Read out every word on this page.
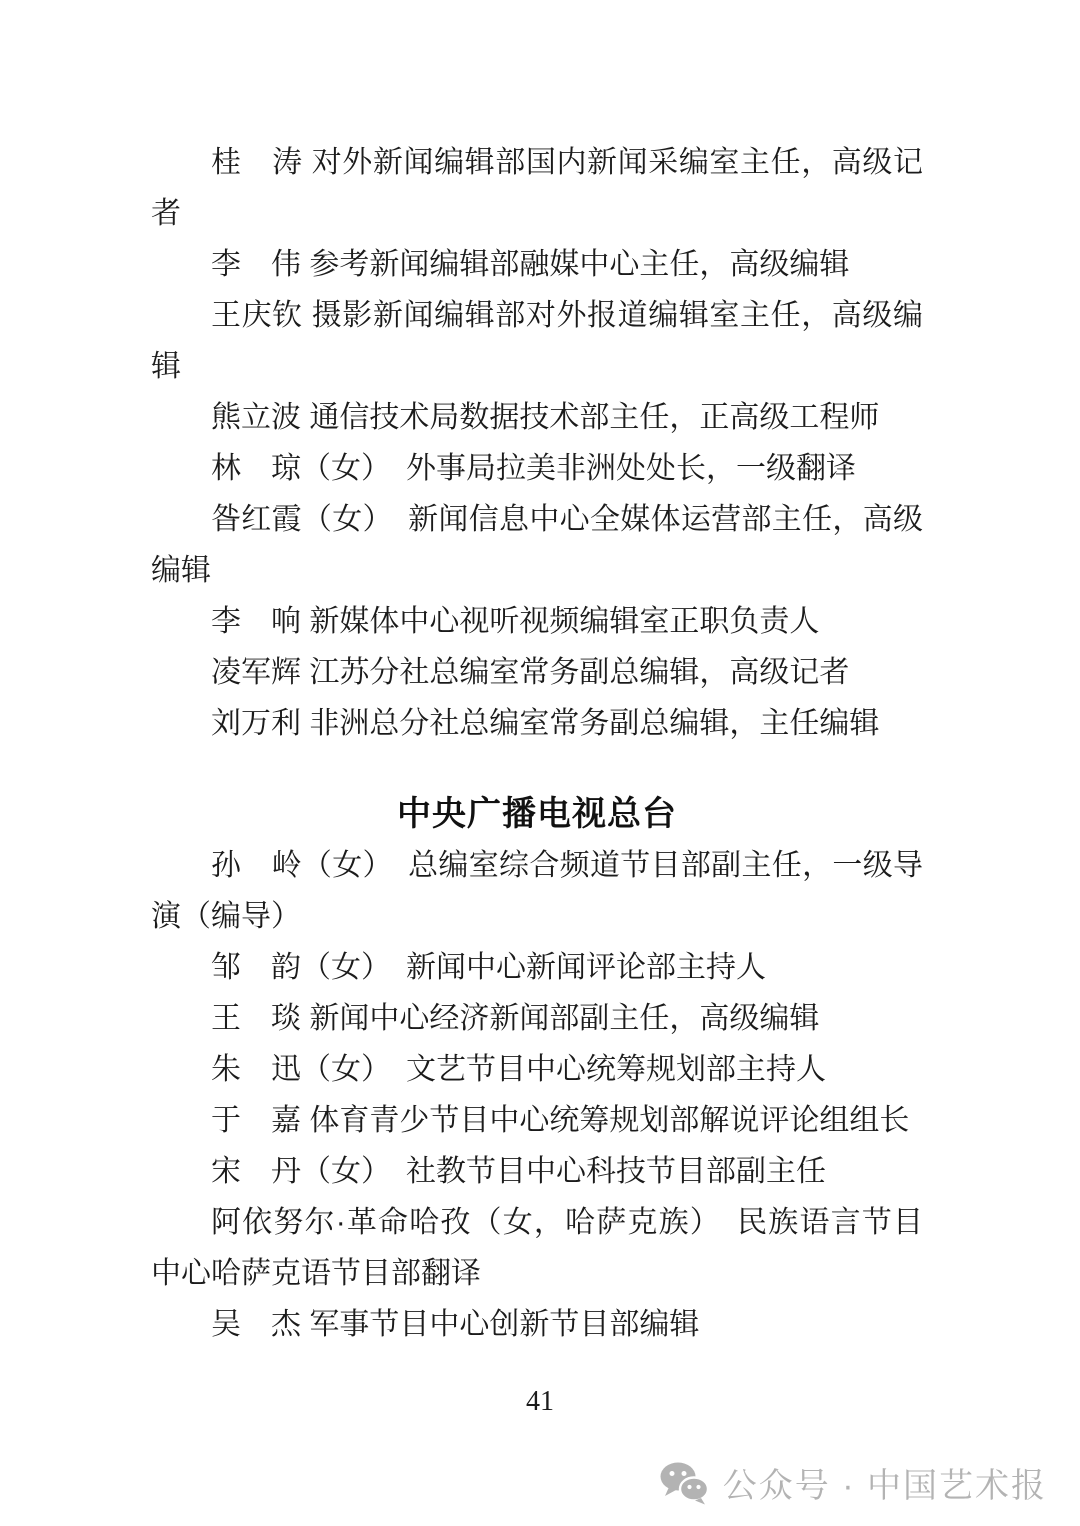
桂　涛 对外新闻编辑部国内新闻采编室主任，高级记者

李　伟 参考新闻编辑部融媒中心主任，高级编辑

王庆钦 摄影新闻编辑部对外报道编辑室主任，高级编辑

熊立波 通信技术局数据技术部主任，正高级工程师

林　琼（女）　外事局拉美非洲处处长，一级翻译

昝红霞（女）　新闻信息中心全媒体运营部主任，高级编辑

李　响 新媒体中心视听视频编辑室正职负责人

凌军辉 江苏分社总编室常务副总编辑，高级记者

刘万利 非洲总分社总编室常务副总编辑，主任编辑

中央广播电视总台

孙　岭（女）　总编室综合频道节目部副主任，一级导演（编导）

邹　韵（女）　新闻中心新闻评论部主持人

王　琰 新闻中心经济新闻部副主任，高级编辑

朱　迅（女）　文艺节目中心统筹规划部主持人

于　嘉 体育青少节目中心统筹规划部解说评论组组长

宋　丹（女）　社教节目中心科技节目部副主任

阿依努尔·革命哈孜（女，哈萨克族）　民族语言节目中心哈萨克语节目部翻译

吴　杰 军事节目中心创新节目部编辑

41
公众号 · 中国艺术报
